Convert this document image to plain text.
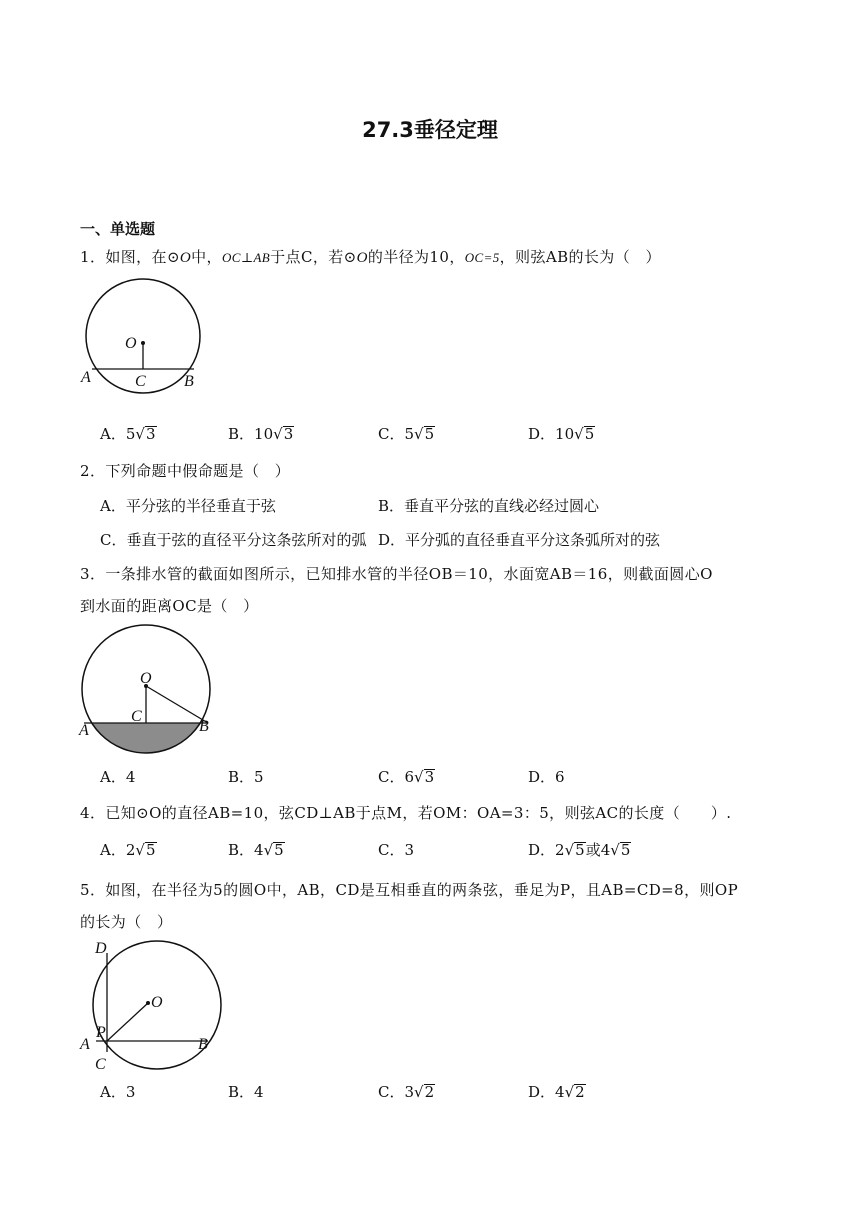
27.3垂径定理
一、单选题
1．如图，在⊙O中，OC⊥AB于点C，若⊙O的半径为10，OC=5，则弦AB的长为（　）
O
A	B
C
A．5√3	B．10√3	C．5√5	D．10√5
2．下列命题中假命题是（　）
A．平分弦的半径垂直于弦	B．垂直平分弦的直线必经过圆心
C．垂直于弦的直径平分这条弦所对的弧 D．平分弧的直径垂直平分这条弧所对的弦
3．一条排水管的截面如图所示，已知排水管的半径OB＝10，水面宽AB＝16，则截面圆心O
到水面的距离OC是（　）
O
A	B
C
A．4	B．5	C．6√3	D．6
4．已知⊙O的直径AB=10，弦CD⊥AB于点M，若OM：OA=3：5，则弦AC的长度（　　）.
A．2√5	B．4√5	C．3	D．2√5或4√5
5．如图，在半径为5的圆O中，AB，CD是互相垂直的两条弦，垂足为P，且AB=CD=8，则OP
的长为（　）
O
A	B
C
D
P
A．3	B．4	C．3√2	D．4√2
